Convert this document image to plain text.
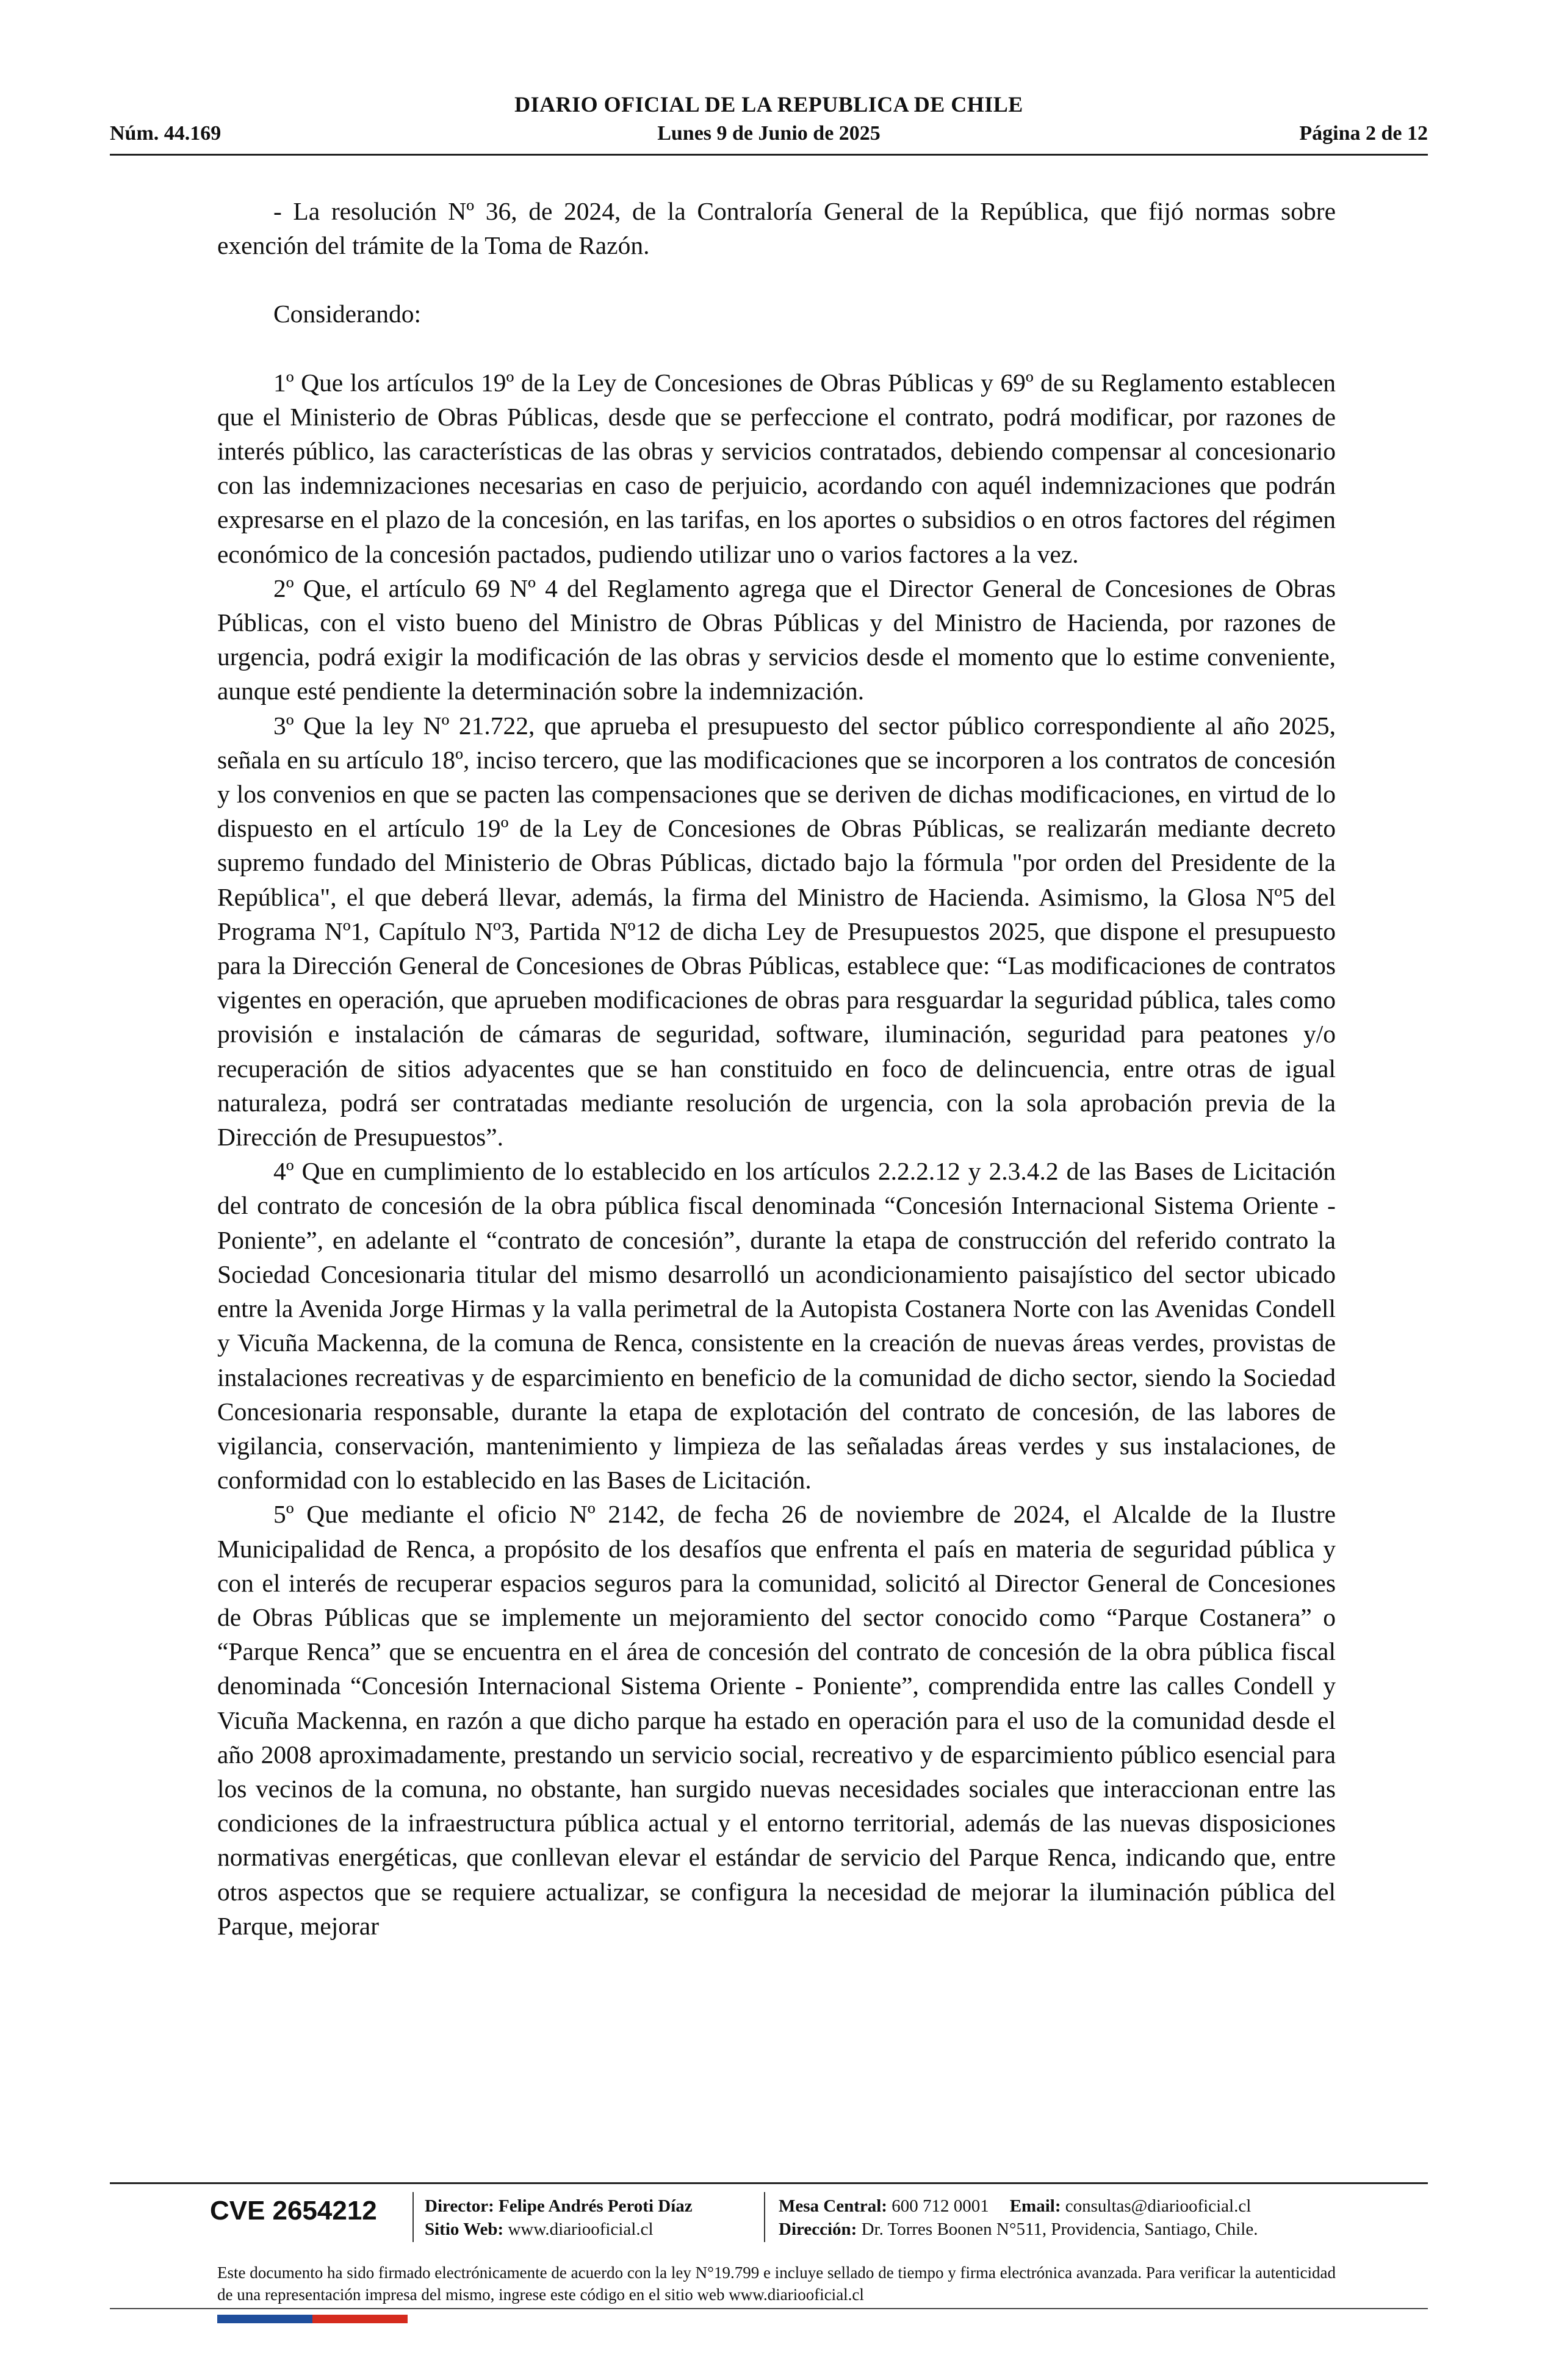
DIARIO OFICIAL DE LA REPUBLICA DE CHILE
Núm. 44.169	Lunes 9 de Junio de 2025	Página 2 de 12

- La resolución Nº 36, de 2024, de la Contraloría General de la República, que fijó normas sobre exención del trámite de la Toma de Razón.

Considerando:

1º Que los artículos 19º de la Ley de Concesiones de Obras Públicas y 69º de su Reglamento establecen que el Ministerio de Obras Públicas, desde que se perfeccione el contrato, podrá modificar, por razones de interés público, las características de las obras y servicios contratados, debiendo compensar al concesionario con las indemnizaciones necesarias en caso de perjuicio, acordando con aquél indemnizaciones que podrán expresarse en el plazo de la concesión, en las tarifas, en los aportes o subsidios o en otros factores del régimen económico de la concesión pactados, pudiendo utilizar uno o varios factores a la vez.

2º Que, el artículo 69 Nº 4 del Reglamento agrega que el Director General de Concesiones de Obras Públicas, con el visto bueno del Ministro de Obras Públicas y del Ministro de Hacienda, por razones de urgencia, podrá exigir la modificación de las obras y servicios desde el momento que lo estime conveniente, aunque esté pendiente la determinación sobre la indemnización.

3º Que la ley Nº 21.722, que aprueba el presupuesto del sector público correspondiente al año 2025, señala en su artículo 18º, inciso tercero, que las modificaciones que se incorporen a los contratos de concesión y los convenios en que se pacten las compensaciones que se deriven de dichas modificaciones, en virtud de lo dispuesto en el artículo 19º de la Ley de Concesiones de Obras Públicas, se realizarán mediante decreto supremo fundado del Ministerio de Obras Públicas, dictado bajo la fórmula "por orden del Presidente de la República", el que deberá llevar, además, la firma del Ministro de Hacienda. Asimismo, la Glosa Nº5 del Programa Nº1, Capítulo Nº3, Partida Nº12 de dicha Ley de Presupuestos 2025, que dispone el presupuesto para la Dirección General de Concesiones de Obras Públicas, establece que: “Las modificaciones de contratos vigentes en operación, que aprueben modificaciones de obras para resguardar la seguridad pública, tales como provisión e instalación de cámaras de seguridad, software, iluminación, seguridad para peatones y/o recuperación de sitios adyacentes que se han constituido en foco de delincuencia, entre otras de igual naturaleza, podrá ser contratadas mediante resolución de urgencia, con la sola aprobación previa de la Dirección de Presupuestos”.

4º Que en cumplimiento de lo establecido en los artículos 2.2.2.12 y 2.3.4.2 de las Bases de Licitación del contrato de concesión de la obra pública fiscal denominada “Concesión Internacional Sistema Oriente - Poniente”, en adelante el “contrato de concesión”, durante la etapa de construcción del referido contrato la Sociedad Concesionaria titular del mismo desarrolló un acondicionamiento paisajístico del sector ubicado entre la Avenida Jorge Hirmas y la valla perimetral de la Autopista Costanera Norte con las Avenidas Condell y Vicuña Mackenna, de la comuna de Renca, consistente en la creación de nuevas áreas verdes, provistas de instalaciones recreativas y de esparcimiento en beneficio de la comunidad de dicho sector, siendo la Sociedad Concesionaria responsable, durante la etapa de explotación del contrato de concesión, de las labores de vigilancia, conservación, mantenimiento y limpieza de las señaladas áreas verdes y sus instalaciones, de conformidad con lo establecido en las Bases de Licitación.

5º Que mediante el oficio Nº 2142, de fecha 26 de noviembre de 2024, el Alcalde de la Ilustre Municipalidad de Renca, a propósito de los desafíos que enfrenta el país en materia de seguridad pública y con el interés de recuperar espacios seguros para la comunidad, solicitó al Director General de Concesiones de Obras Públicas que se implemente un mejoramiento del sector conocido como “Parque Costanera” o “Parque Renca” que se encuentra en el área de concesión del contrato de concesión de la obra pública fiscal denominada “Concesión Internacional Sistema Oriente - Poniente”, comprendida entre las calles Condell y Vicuña Mackenna, en razón a que dicho parque ha estado en operación para el uso de la comunidad desde el año 2008 aproximadamente, prestando un servicio social, recreativo y de esparcimiento público esencial para los vecinos de la comuna, no obstante, han surgido nuevas necesidades sociales que interaccionan entre las condiciones de la infraestructura pública actual y el entorno territorial, además de las nuevas disposiciones normativas energéticas, que conllevan elevar el estándar de servicio del Parque Renca, indicando que, entre otros aspectos que se requiere actualizar, se configura la necesidad de mejorar la iluminación pública del Parque, mejorar

CVE 2654212	Director: Felipe Andrés Peroti Díaz
Sitio Web: www.diariooficial.cl
Mesa Central: 600 712 0001 Email: consultas@diariooficial.cl
Dirección: Dr. Torres Boonen N°511, Providencia, Santiago, Chile.
Este documento ha sido firmado electrónicamente de acuerdo con la ley N°19.799 e incluye sellado de tiempo y firma electrónica avanzada. Para verificar la autenticidad de una representación impresa del mismo, ingrese este código en el sitio web www.diariooficial.cl
